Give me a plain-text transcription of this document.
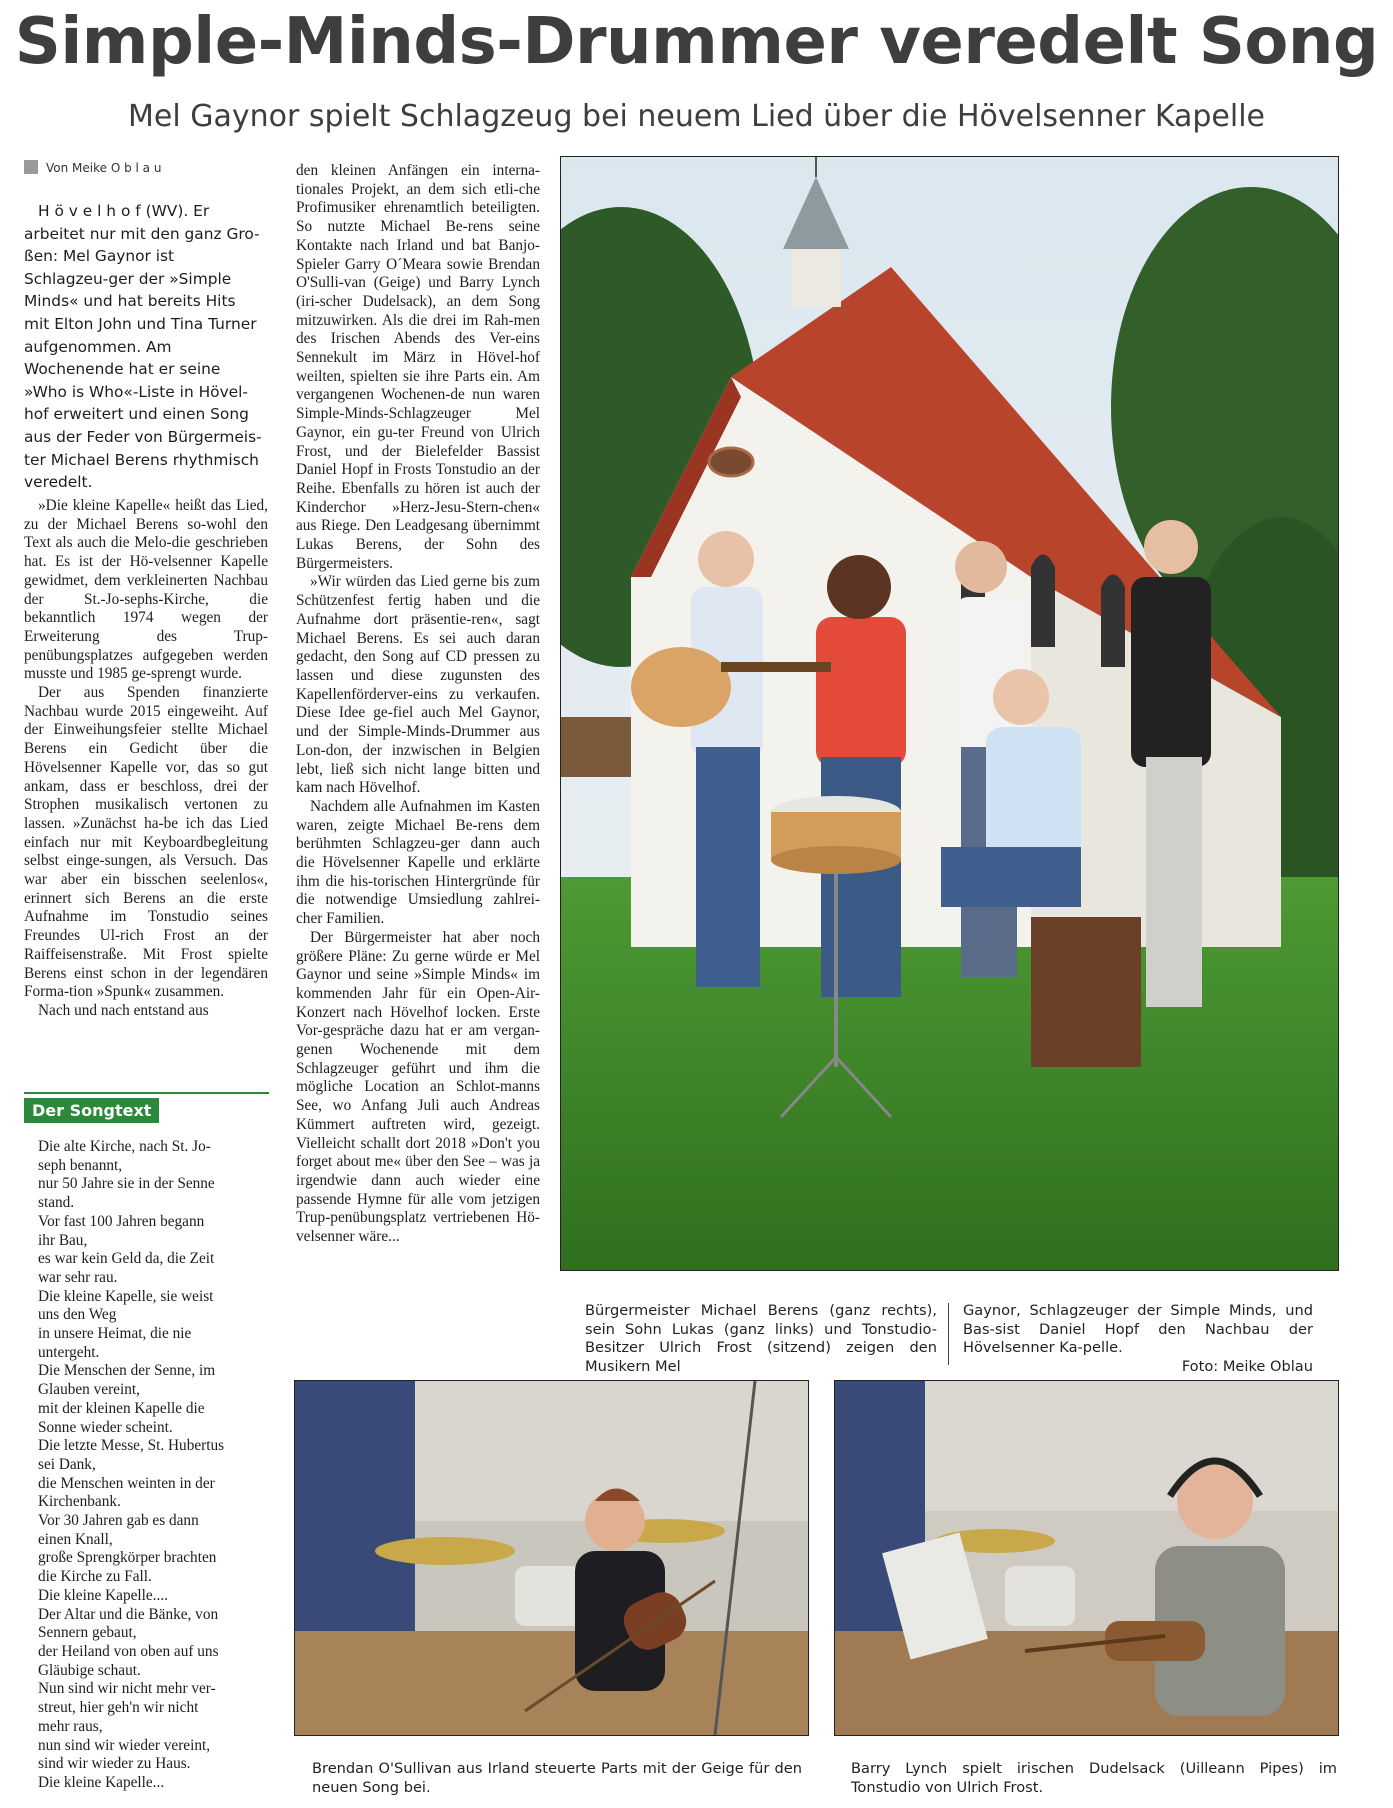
Simple-Minds-Drummer veredelt Song
Mel Gaynor spielt Schlagzeug bei neuem Lied über die Hövelsenner Kapelle
Von Meike O b l a u

H ö v e l h o f (WV). Er arbeitet nur mit den ganz Gro-ßen: Mel Gaynor ist Schlagzeu-ger der »Simple Minds« und hat bereits Hits mit Elton John und Tina Turner aufgenommen. Am Wochenende hat er seine »Who is Who«-Liste in Hövel-hof erweitert und einen Song aus der Feder von Bürgermeis-ter Michael Berens rhythmisch veredelt.

»Die kleine Kapelle« heißt das Lied, zu der Michael Berens so-wohl den Text als auch die Melo-die geschrieben hat. Es ist der Hö-velsenner Kapelle gewidmet, dem verkleinerten Nachbau der St.-Jo-sephs-Kirche, die bekanntlich 1974 wegen der Erweiterung des Trup-penübungsplatzes aufgegeben werden musste und 1985 ge-sprengt wurde.

Der aus Spenden finanzierte Nachbau wurde 2015 eingeweiht. Auf der Einweihungsfeier stellte Michael Berens ein Gedicht über die Hövelsenner Kapelle vor, das so gut ankam, dass er beschloss, drei der Strophen musikalisch vertonen zu lassen. »Zunächst ha-be ich das Lied einfach nur mit Keyboardbegleitung selbst einge-sungen, als Versuch. Das war aber ein bisschen seelenlos«, erinnert sich Berens an die erste Aufnahme im Tonstudio seines Freundes Ul-rich Frost an der Raiffeisenstraße. Mit Frost spielte Berens einst schon in der legendären Forma-tion »Spunk« zusammen.

Nach und nach entstand aus

Der Songtext
Die alte Kirche, nach St. Jo-
seph benannt,
nur 50 Jahre sie in der Senne
stand.
Vor fast 100 Jahren begann
ihr Bau,
es war kein Geld da, die Zeit
war sehr rau.
Die kleine Kapelle, sie weist
uns den Weg
in unsere Heimat, die nie
untergeht.
Die Menschen der Senne, im
Glauben vereint,
mit der kleinen Kapelle die
Sonne wieder scheint.
Die letzte Messe, St. Hubertus
sei Dank,
die Menschen weinten in der
Kirchenbank.
Vor 30 Jahren gab es dann
einen Knall,
große Sprengkörper brachten
die Kirche zu Fall.
Die kleine Kapelle....
Der Altar und die Bänke, von
Sennern gebaut,
der Heiland von oben auf uns
Gläubige schaut.
Nun sind wir nicht mehr ver-
streut, hier geh'n wir nicht
mehr raus,
nun sind wir wieder vereint,
sind wir wieder zu Haus.
Die kleine Kapelle...

den kleinen Anfängen ein interna-tionales Projekt, an dem sich etli-che Profimusiker ehrenamtlich beteiligten. So nutzte Michael Be-rens seine Kontakte nach Irland und bat Banjo-Spieler Garry O´Meara sowie Brendan O'Sulli-van (Geige) und Barry Lynch (iri-scher Dudelsack), an dem Song mitzuwirken. Als die drei im Rah-men des Irischen Abends des Ver-eins Sennekult im März in Hövel-hof weilten, spielten sie ihre Parts ein. Am vergangenen Wochenen-de nun waren Simple-Minds-Schlagzeuger Mel Gaynor, ein gu-ter Freund von Ulrich Frost, und der Bielefelder Bassist Daniel Hopf in Frosts Tonstudio an der Reihe. Ebenfalls zu hören ist auch der Kinderchor »Herz-Jesu-Stern-chen« aus Riege. Den Leadgesang übernimmt Lukas Berens, der Sohn des Bürgermeisters.

»Wir würden das Lied gerne bis zum Schützenfest fertig haben und die Aufnahme dort präsentie-ren«, sagt Michael Berens. Es sei auch daran gedacht, den Song auf CD pressen zu lassen und diese zugunsten des Kapellenförderver-eins zu verkaufen. Diese Idee ge-fiel auch Mel Gaynor, und der Simple-Minds-Drummer aus Lon-don, der inzwischen in Belgien lebt, ließ sich nicht lange bitten und kam nach Hövelhof.

Nachdem alle Aufnahmen im Kasten waren, zeigte Michael Be-rens dem berühmten Schlagzeu-ger dann auch die Hövelsenner Kapelle und erklärte ihm die his-torischen Hintergründe für die notwendige Umsiedlung zahlrei-cher Familien.

Der Bürgermeister hat aber noch größere Pläne: Zu gerne würde er Mel Gaynor und seine »Simple Minds« im kommenden Jahr für ein Open-Air-Konzert nach Hövelhof locken. Erste Vor-gespräche dazu hat er am vergan-genen Wochenende mit dem Schlagzeuger geführt und ihm die mögliche Location an Schlot-manns See, wo Anfang Juli auch Andreas Kümmert auftreten wird, gezeigt. Vielleicht schallt dort 2018 »Don't you forget about me« über den See – was ja irgendwie dann auch wieder eine passende Hymne für alle vom jetzigen Trup-penübungsplatz vertriebenen Hö-velsenner wäre...

Bürgermeister Michael Berens (ganz rechts), sein Sohn Lukas (ganz links) und Tonstudio-Besitzer Ulrich Frost (sitzend) zeigen den Musikern Mel

Gaynor, Schlagzeuger der Simple Minds, und Bas-sist Daniel Hopf den Nachbau der Hövelsenner Ka-pelle.

Foto: Meike Oblau

Brendan O'Sullivan aus Irland steuerte Parts mit der Geige für den neuen Song bei.

Barry Lynch spielt irischen Dudelsack (Uilleann Pipes) im Tonstudio von Ulrich Frost.
